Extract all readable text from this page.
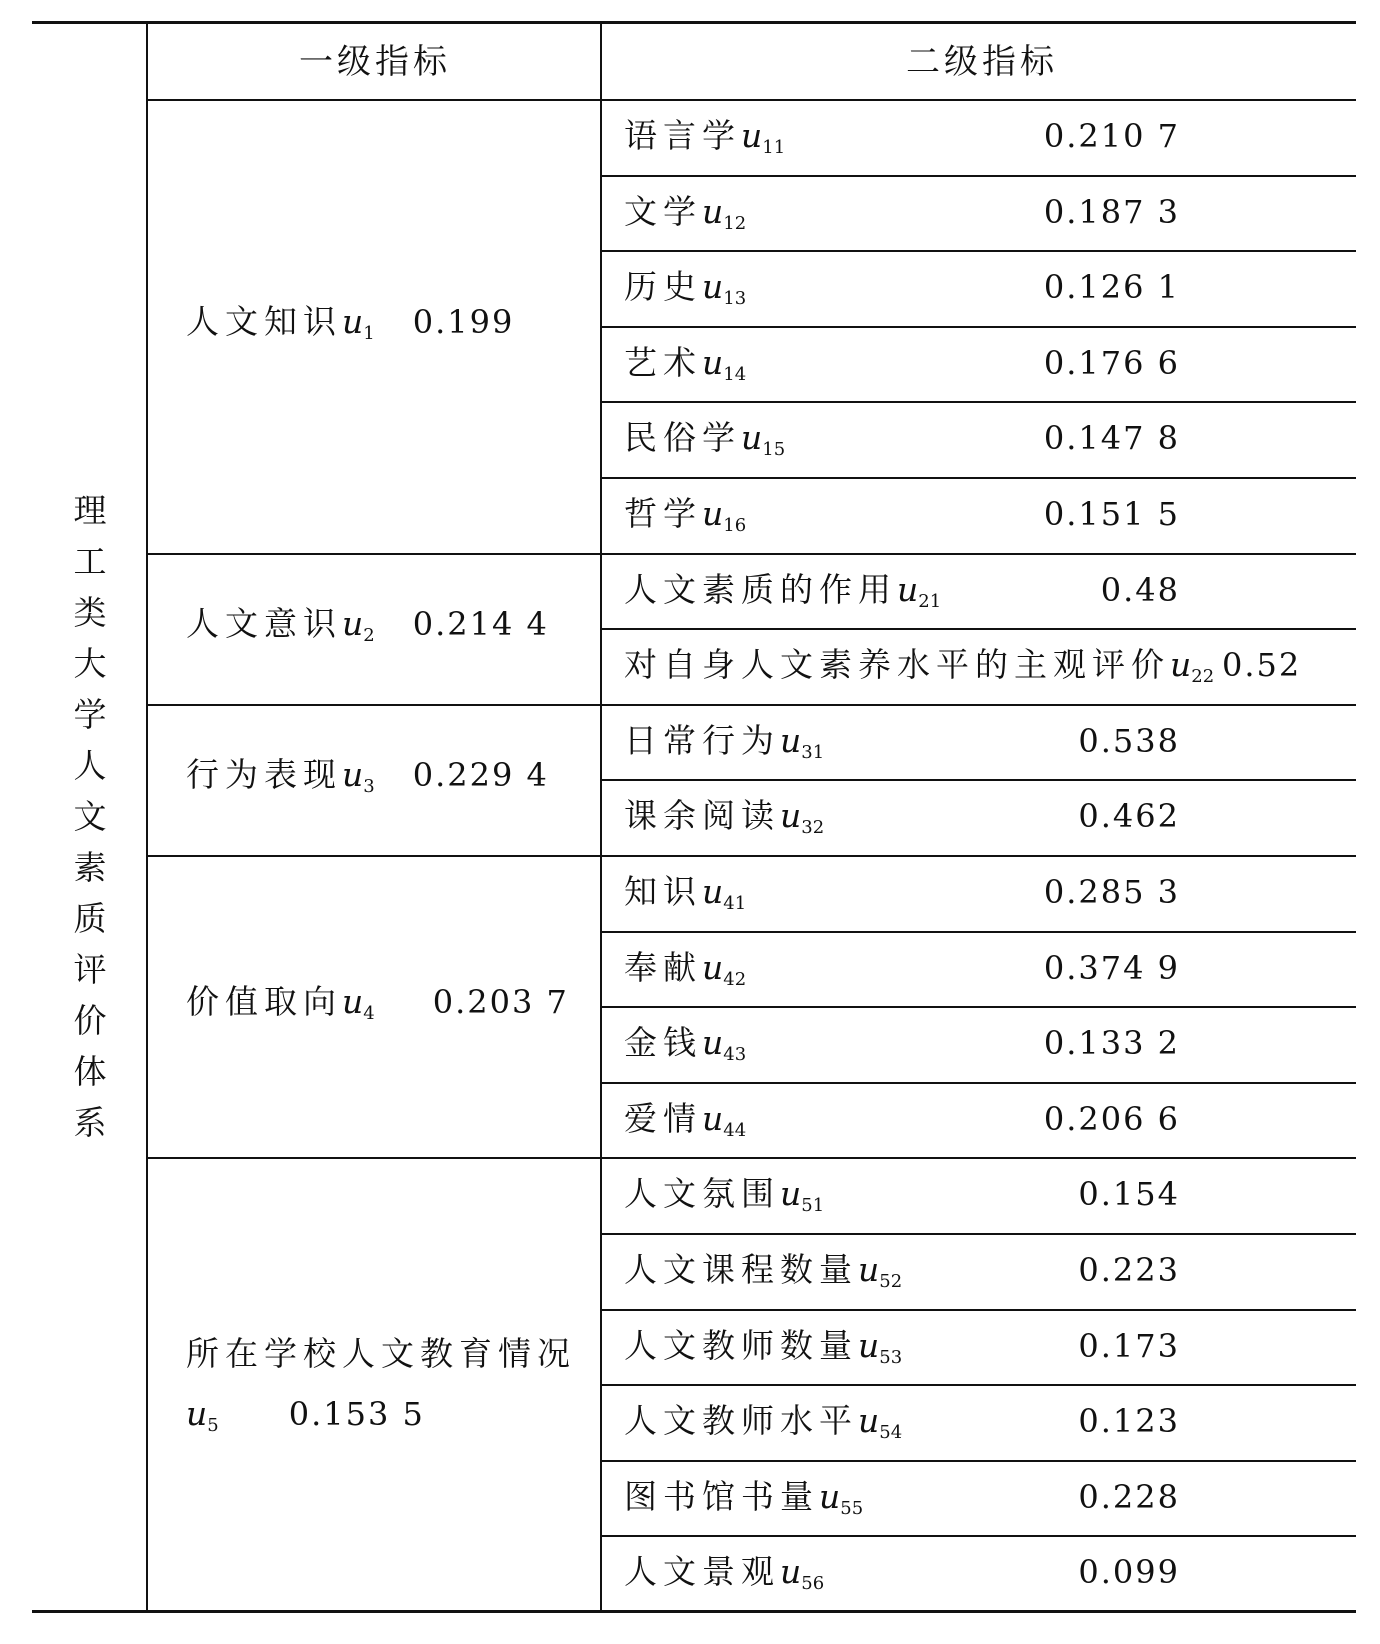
理
工
类
大
学
人
文
素
质
评
价
体
系
一级指标	二级指标
人文知识$u_1$ 0.199
语言学$u_{11}$	0.210 7
文学$u_{12}$	0.187 3
历史$u_{13}$	0.126 1
艺术$u_{14}$	0.176 6
民俗学$u_{15}$	0.147 8
哲学$u_{16}$	0.151 5
人文意识$u_2$ 0.214 4
人文素质的作用$u_{21}$	0.48
对自身人文素养水平的主观评价$u_{22}$ 0.52
行为表现$u_3$ 0.229 4
日常行为$u_{31}$	0.538
课余阅读$u_{32}$	0.462
价值取向$u_4$ 0.203 7
知识$u_{41}$	0.285 3
奉献$u_{42}$	0.374 9
金钱$u_{43}$	0.133 2
爱情$u_{44}$	0.206 6
所在学校人文教育情况
$u_5$ 0.153 5
人文氛围$u_{51}$	0.154
人文课程数量$u_{52}$	0.223
人文教师数量$u_{53}$	0.173
人文教师水平$u_{54}$	0.123
图书馆书量$u_{55}$	0.228
人文景观$u_{56}$	0.099
